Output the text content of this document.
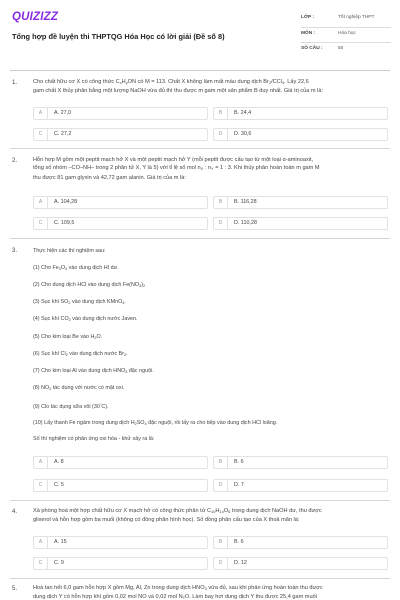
QUIZIZZ
Tổng hợp đề luyện thi THPTQG Hóa Học có lời giải (Đề số 8)
LỚP :	Tốt nghiệp THPT
MÔN :	Hóa học
SỐ CÂU :	50
1.	Cho chất hữu cơ X có công thức $C_xH_yON$ có M = 113. Chất X không làm mất màu dung dịch $Br_2/CCl_4$. Lấy 22,6
gam chất X thủy phân bằng một lượng NaOH vừa đủ thì thu được m gam một sản phẩm B duy nhất. Giá trị của m là:
A	A. 27,0	B	B. 24,4
C	C. 27,2	D	D. 30,6
2.	Hỗn hợp M gồm một peptit mạch hở X và một peptit mạch hở Y (mỗi peptit được cấu tạo từ một loại α-aminoaxit,
tổng số nhóm –CO–NH– trong 2 phân tử X, Y là 5) với tỉ lệ số mol $n_X$ : $n_Y = 1$ : 3. Khi thủy phân hoàn toàn m gam M
thu được 81 gam glyxin và 42,72 gam alanin. Giá trị của m là:
A	A. 104,28	B	B. 116,28
C	C. 109,5	D	D. 110,28
3.	Thực hiện các thí nghiệm sau:
(1) Cho $Fe_3O_4$ vào dung dịch HI dư.
(2) Cho dung dịch HCl vào dung dịch $Fe(NO_3)_2$
(3) Sục khí $SO_2$ vào dung dịch KMnO$_4$.
(4) Sục khí $CO_2$ vào dung dịch nước Javen.
(5) Cho kim loại Be vào $H_2O$.
(6) Sục khí $Cl_2$ vào dung dịch nước $Br_2$.
(7) Cho kim loại Al vào dung dịch $HNO_3$ đặc nguội.
(8) $NO_2$ tác dụng với nước có mặt oxi.
(9) Clo tác dụng sữa vôi (30°C).
(10) Lấy thanh Fe ngâm trong dung dịch $H_2SO_4$ đặc nguội, rồi lấy ra cho tiếp vào dung dịch HCl loãng.
Số thí nghiệm có phản ứng oxi hóa - khử xảy ra là:
A	A. 8	B	B. 6
C	C. 5	D	D. 7
4.	Xà phòng hoá một hợp chất hữu cơ X mạch hở có công thức phân tử $C_{10}H_{14}O_6$ trong dung dịch NaOH dư, thu được
glixerol và hỗn hợp gồm ba muối (không có đồng phân hình học). Số đồng phân cấu tạo của X thoả mãn là:
A	A. 15	B	B. 6
C	C. 9	D	D. 12
5.	Hoà tan hết 6,0 gam hỗn hợp X gồm Mg, Al, Zn trong dung dịch $HNO_3$ vừa đủ, sau khi phản ứng hoàn toàn thu được
dung dịch Y có hỗn hợp khí gồm 0,02 mol NO và 0,02 mol N₂O. Làm bay hơi dung dịch Y thu được 25,4 gam muối
